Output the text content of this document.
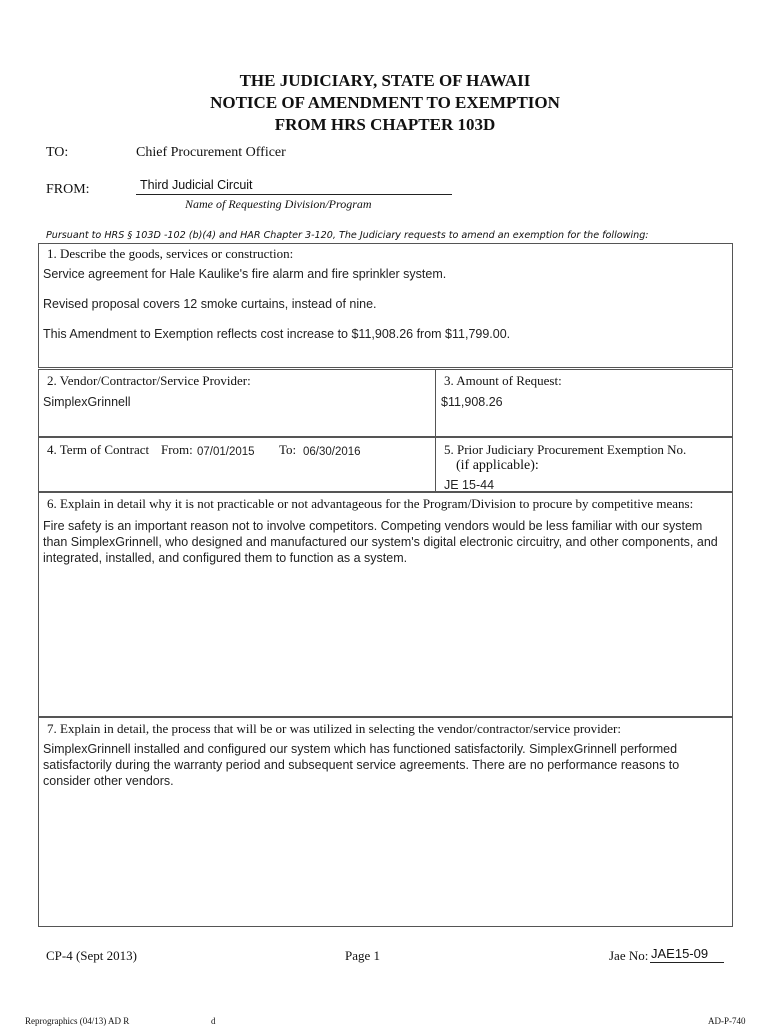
THE JUDICIARY, STATE OF HAWAII
NOTICE OF AMENDMENT TO EXEMPTION
FROM HRS CHAPTER 103D
TO:	Chief Procurement Officer
FROM:	Third Judicial Circuit
Name of Requesting Division/Program
Pursuant to HRS § 103D -102 (b)(4) and HAR Chapter 3-120, The Judiciary requests to amend an exemption for the following:
1. Describe the goods, services or construction:
Service agreement for Hale Kaulike's fire alarm and fire sprinkler system.
Revised proposal covers 12 smoke curtains, instead of nine.
This Amendment to Exemption reflects cost increase to $11,908.26 from $11,799.00.
2. Vendor/Contractor/Service Provider:
SimplexGrinnell
3. Amount of Request:
$11,908.26
4. Term of Contract From: 07/01/2015 To: 06/30/2016	5. Prior Judiciary Procurement Exemption No.
(if applicable):
JE 15-44
6. Explain in detail why it is not practicable or not advantageous for the Program/Division to procure by competitive means:
Fire safety is an important reason not to involve competitors. Competing vendors would be less familiar with our system than SimplexGrinnell, who designed and manufactured our system's digital electronic circuitry, and other components, and integrated, installed, and configured them to function as a system.
7. Explain in detail, the process that will be or was utilized in selecting the vendor/contractor/service provider:
SimplexGrinnell installed and configured our system which has functioned satisfactorily. SimplexGrinnell performed satisfactorily during the warranty period and subsequent service agreements. There are no performance reasons to consider other vendors.
CP-4 (Sept 2013)	Page 1	Jae No: JAE15-09
Reprographics (04/13) AD R	d	AD-P-740
